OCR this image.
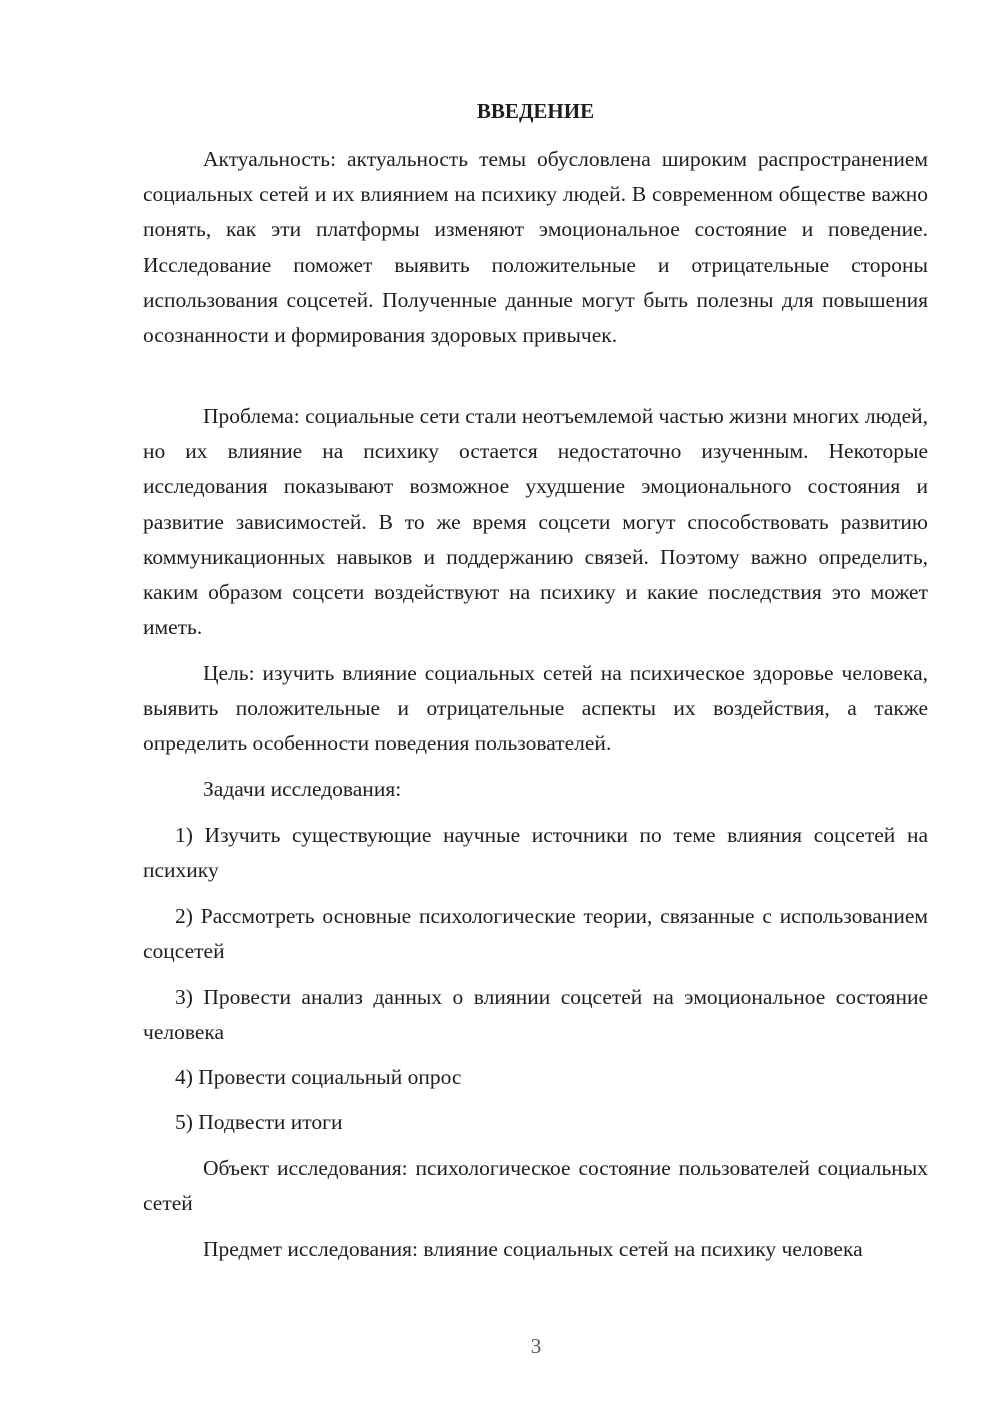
ВВЕДЕНИЕ

Актуальность: актуальность темы обусловлена широким распространением социальных сетей и их влиянием на психику людей. В современном обществе важно понять, как эти платформы изменяют эмоциональное состояние и поведение. Исследование поможет выявить положительные и отрицательные стороны использования соцсетей. Полученные данные могут быть полезны для повышения осознанности и формирования здоровых привычек.

Проблема: социальные сети стали неотъемлемой частью жизни многих людей, но их влияние на психику остается недостаточно изученным. Некоторые исследования показывают возможное ухудшение эмоционального состояния и развитие зависимостей. В то же время соцсети могут способствовать развитию коммуникационных навыков и поддержанию связей. Поэтому важно определить, каким образом соцсети воздействуют на психику и какие последствия это может иметь.

Цель: изучить влияние социальных сетей на психическое здоровье человека, выявить положительные и отрицательные аспекты их воздействия, а также определить особенности поведения пользователей.

Задачи исследования:

1) Изучить существующие научные источники по теме влияния соцсетей на психику

2) Рассмотреть основные психологические теории, связанные с использованием соцсетей

3) Провести анализ данных о влиянии соцсетей на эмоциональное состояние человека

4) Провести социальный опрос

5) Подвести итоги

Объект исследования: психологическое состояние пользователей социальных сетей

Предмет исследования: влияние социальных сетей на психику человека

3
